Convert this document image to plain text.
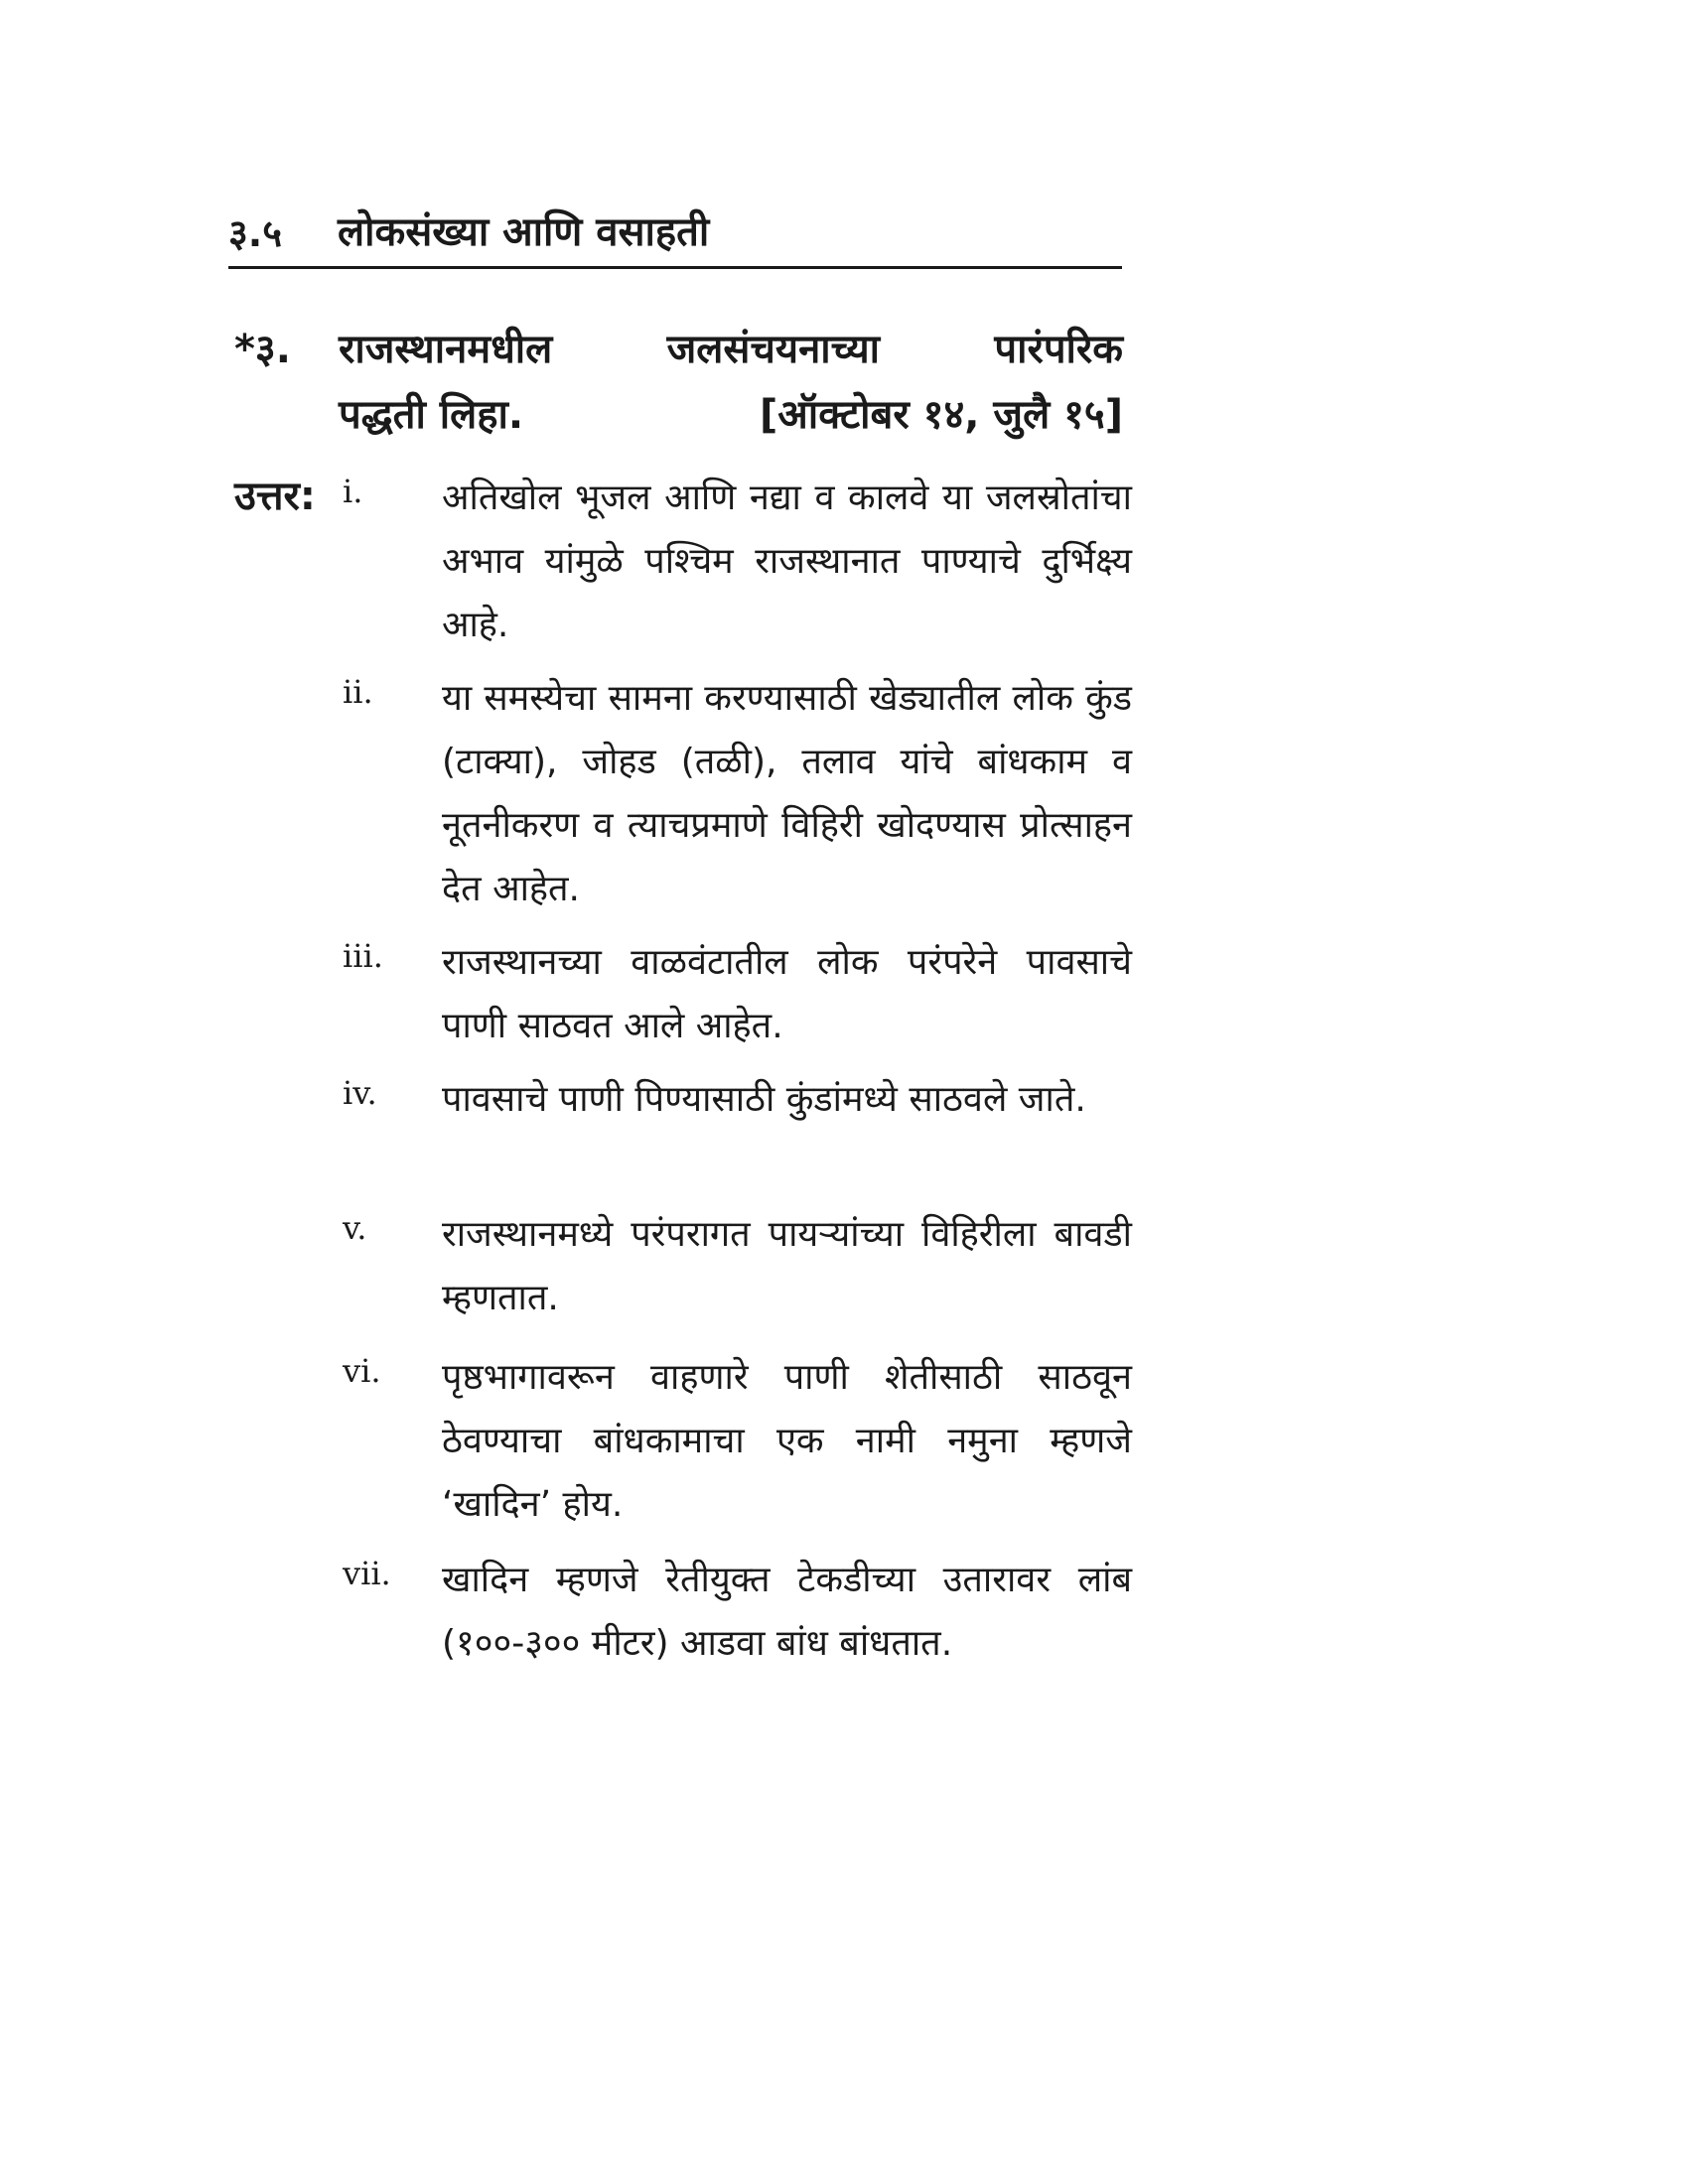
३.५ लोकसंख्या आणि वसाहती
*३. राजस्थानमधील	जलसंचयनाच्या	पारंपरिक
पद्धती लिहा.	[ऑक्टोबर १४, जुलै १५]
उत्तर: i. अतिखोल भूजल आणि नद्या व कालवे या जलस्रोतांचा अभाव यांमुळे पश्चिम राजस्थानात पाण्याचे दुर्भिक्ष्य आहे.
ii. या समस्येचा सामना करण्यासाठी खेड्यातील लोक कुंड (टाक्या), जोहड (तळी), तलाव यांचे बांधकाम व नूतनीकरण व त्याचप्रमाणे विहिरी खोदण्यास प्रोत्साहन देत आहेत.
iii. राजस्थानच्या वाळवंटातील लोक परंपरेने पावसाचे पाणी साठवत आले आहेत.
iv. पावसाचे पाणी पिण्यासाठी कुंडांमध्ये साठवले जाते.
v. राजस्थानमध्ये परंपरागत पायऱ्यांच्या विहिरीला बावडी म्हणतात.
vi. पृष्ठभागावरून वाहणारे पाणी शेतीसाठी साठवून ठेवण्याचा बांधकामाचा एक नामी नमुना म्हणजे ‘खादिन’ होय.
vii. खादिन म्हणजे रेतीयुक्त टेकडीच्या उतारावर लांब (१००-३०० मीटर) आडवा बांध बांधतात.
